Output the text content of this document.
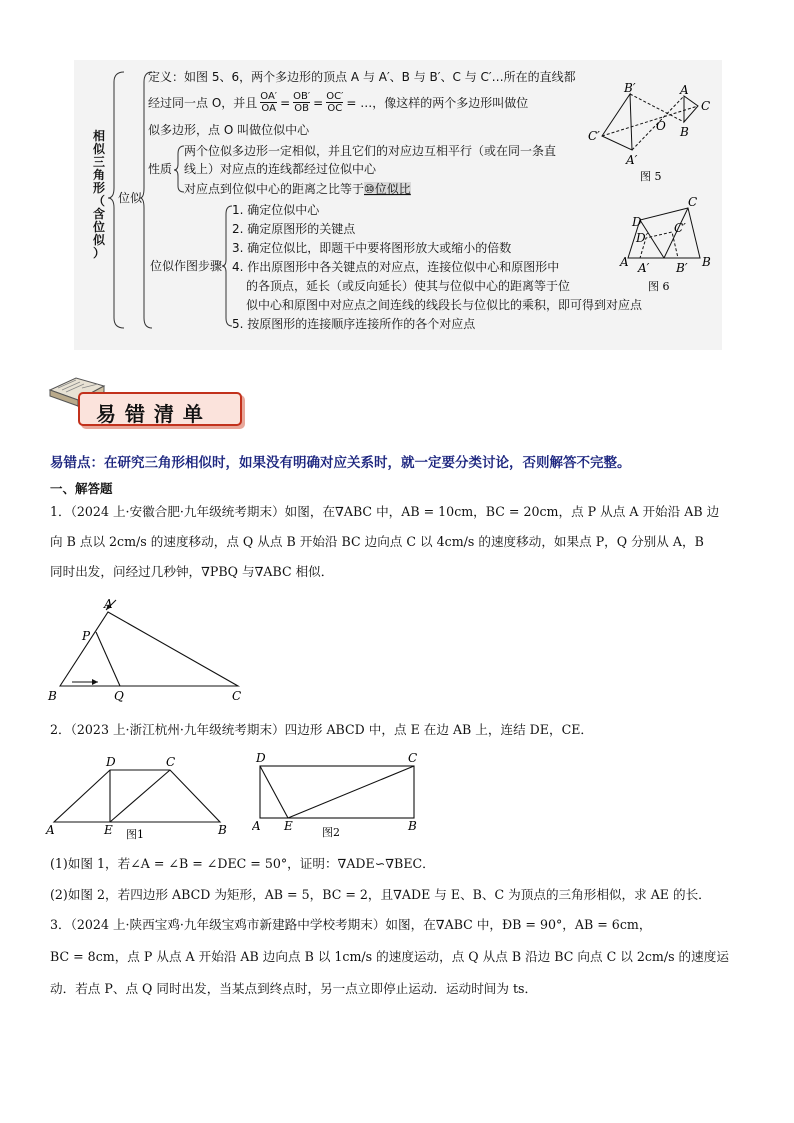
相
似
三
角
形
（
含
位
似
）
位似
定义：如图 5、6，两个多边形的顶点 A 与 A′、B 与 B′、C 与 C′…所在的直线都
经过同一点 O，并且 $\frac{OA'}{OA} = \frac{OB'}{OB} = \frac{OC'}{OC}$ = …，像这样的两个多边形叫做位
似多边形，点 O 叫做位似中心
性质
两个位似多边形一定相似，并且它们的对应边互相平行（或在同一条直
线上）对应点的连线都经过位似中心
对应点到位似中心的距离之比等于⑩位似比
位似作图步骤
1. 确定位似中心
2. 确定原图形的关键点
3. 确定位似比，即题干中要将图形放大或缩小的倍数
4. 作出原图形中各关键点的对应点，连接位似中心和原图形中
的各顶点，延长（或反向延长）使其与位似中心的距离等于位
似中心和原图中对应点之间连线的线段长与位似比的乘积，即可得到对应点
5. 按原图形的连接顺序连接所作的各个对应点
B′	A
C
C′
O B
A′
图 5
C
D
D′
C′
A A′ B′ B
图 6
易 错 清 单
易错点：在研究三角形相似时，如果没有明确对应关系时，就一定要分类讨论，否则解答不完整。
一、解答题
1．（2024 上·安徽合肥·九年级统考期末）如图，在∇ABC 中，AB = 10cm，BC = 20cm，点 P 从点 A 开始沿 AB 边
向 B 点以 2cm/s 的速度移动，点 Q 从点 B 开始沿 BC 边向点 C 以 4cm/s 的速度移动，如果点 P，Q 分别从 A，B
同时出发，问经过几秒钟，∇PBQ 与∇ABC 相似．
A
P
B	Q	C
2．（2023 上·浙江杭州·九年级统考期末）四边形 ABCD 中，点 E 在边 AB 上，连结 DE，CE．
D	C
A	E	B
图1
D	C
A E	B
图2
(1)如图 1，若∠A = ∠B = ∠DEC = 50°，证明：∇ADE∽∇BEC．
(2)如图 2，若四边形 ABCD 为矩形，AB = 5，BC = 2，且∇ADE 与 E、B、C 为顶点的三角形相似，求 AE 的长．
3．（2024 上·陕西宝鸡·九年级宝鸡市新建路中学校考期末）如图，在∇ABC 中，ÐB = 90°，AB = 6cm，
BC = 8cm，点 P 从点 A 开始沿 AB 边向点 B 以 1cm/s 的速度运动，点 Q 从点 B 沿边 BC 向点 C 以 2cm/s 的速度运
动．若点 P、点 Q 同时出发，当某点到终点时，另一点立即停止运动．运动时间为 ts．
